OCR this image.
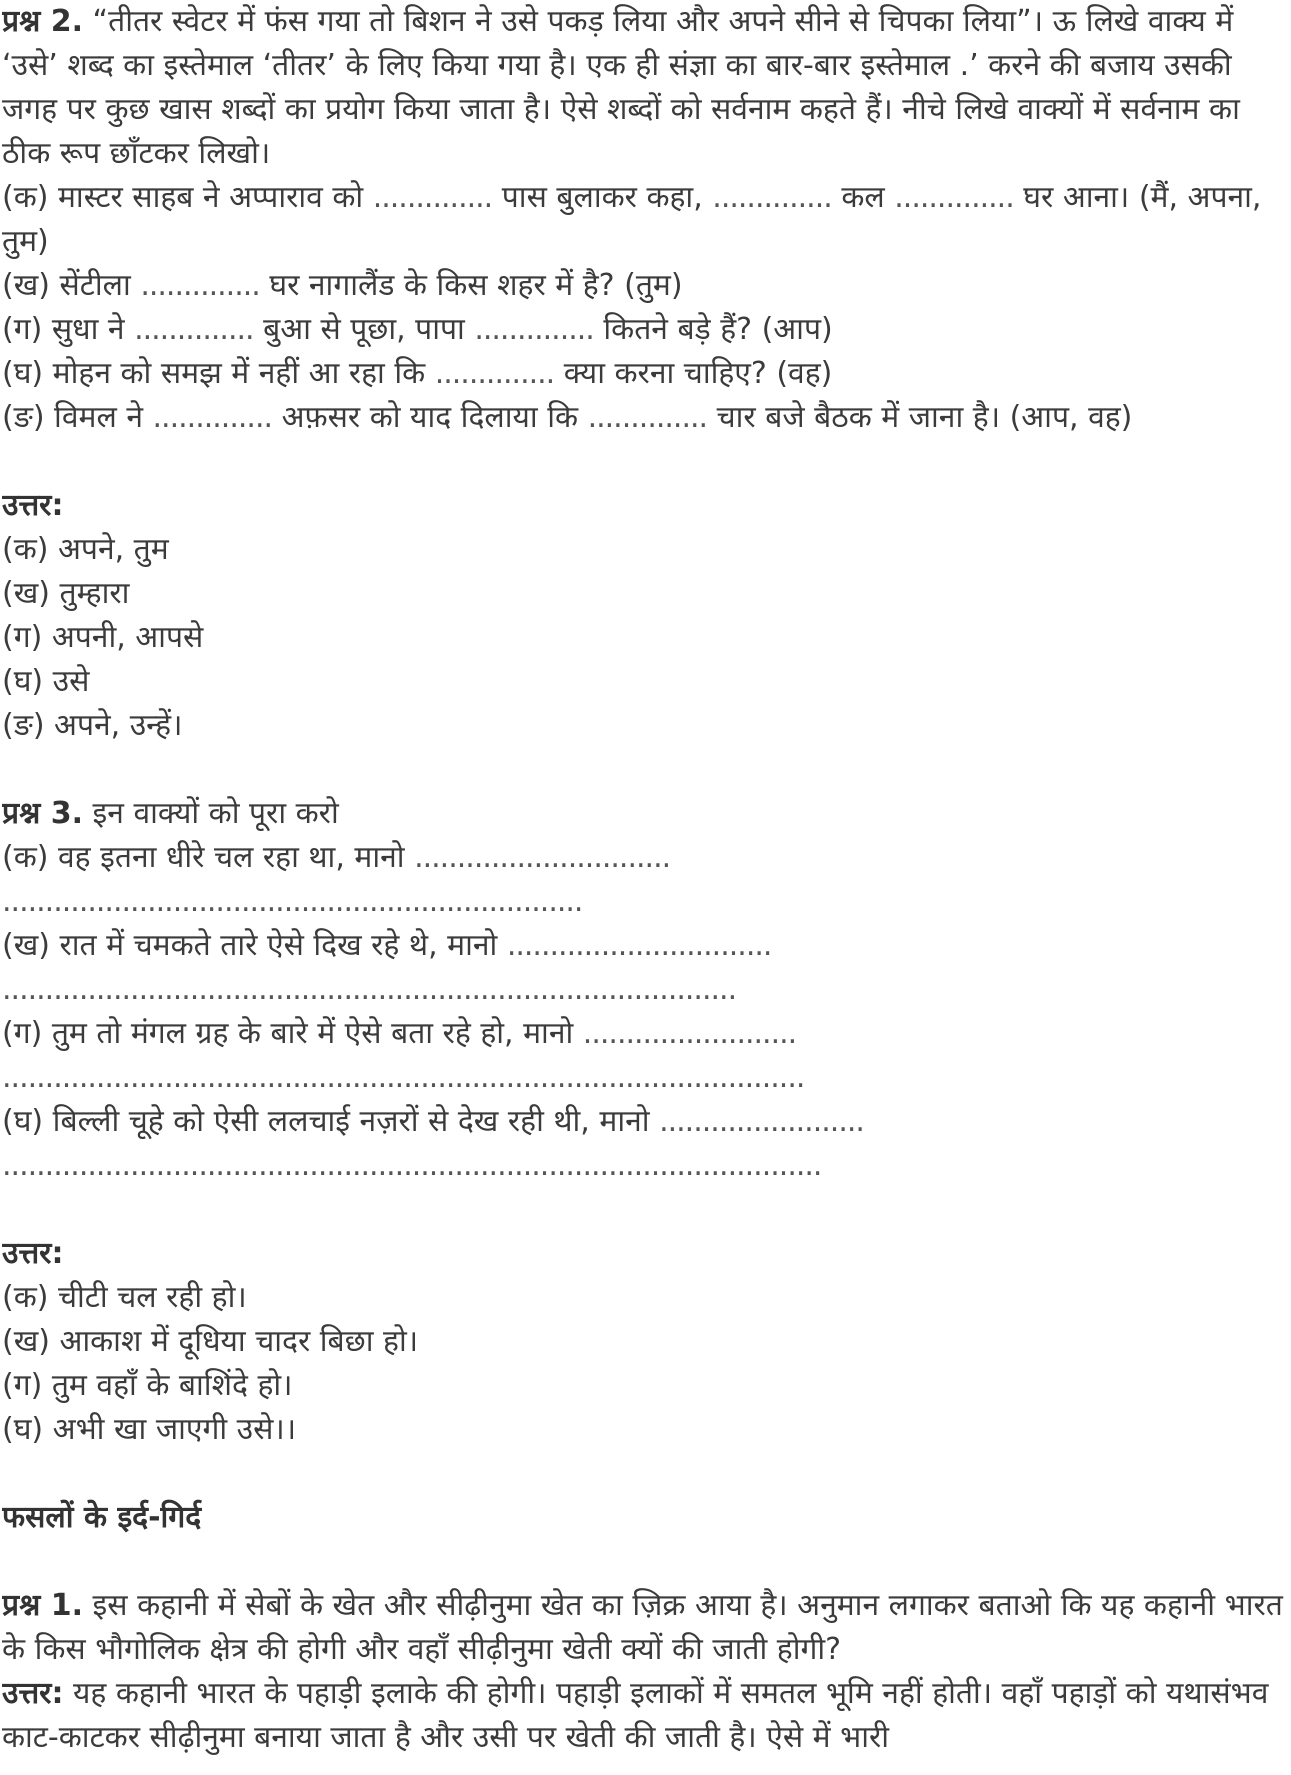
प्रश्न 2. “तीतर स्वेटर में फंस गया तो बिशन ने उसे पकड़ लिया और अपने सीने से चिपका लिया”। ऊ लिखे वाक्य में ‘उसे’ शब्द का इस्तेमाल ‘तीतर’ के लिए किया गया है। एक ही संज्ञा का बार-बार इस्तेमाल .’ करने की बजाय उसकी जगह पर कुछ खास शब्दों का प्रयोग किया जाता है। ऐसे शब्दों को सर्वनाम कहते हैं। नीचे लिखे वाक्यों में सर्वनाम का ठीक रूप छाँटकर लिखो।
(क) मास्टर साहब ने अप्पाराव को .............. पास बुलाकर कहा, .............. कल .............. घर आना। (मैं, अपना, तुम)
(ख) सेंटीला .............. घर नागालैंड के किस शहर में है? (तुम)
(ग) सुधा ने .............. बुआ से पूछा, पापा .............. कितने बड़े हैं? (आप)
(घ) मोहन को समझ में नहीं आ रहा कि .............. क्या करना चाहिए? (वह)
(ङ) विमल ने .............. अफ़सर को याद दिलाया कि .............. चार बजे बैठक में जाना है। (आप, वह)
उत्तर:
(क) अपने, तुम
(ख) तुम्हारा
(ग) अपनी, आपसे
(घ) उसे
(ङ) अपने, उन्हें।
प्रश्न 3. इन वाक्यों को पूरा करो
(क) वह इतना धीरे चल रहा था, मानो ..............................
....................................................................
(ख) रात में चमकते तारे ऐसे दिख रहे थे, मानो ...............................
......................................................................................
(ग) तुम तो मंगल ग्रह के बारे में ऐसे बता रहे हो, मानो .........................
..............................................................................................
(घ) बिल्ली चूहे को ऐसी ललचाई नज़रों से देख रही थी, मानो ........................
................................................................................................
उत्तर:
(क) चीटी चल रही हो।
(ख) आकाश में दूधिया चादर बिछा हो।
(ग) तुम वहाँ के बाशिंदे हो।
(घ) अभी खा जाएगी उसे।।
फसलों के इर्द-गिर्द
प्रश्न 1. इस कहानी में सेबों के खेत और सीढ़ीनुमा खेत का ज़िक्र आया है। अनुमान लगाकर बताओ कि यह कहानी भारत के किस भौगोलिक क्षेत्र की होगी और वहाँ सीढ़ीनुमा खेती क्यों की जाती होगी?
उत्तर: यह कहानी भारत के पहाड़ी इलाके की होगी। पहाड़ी इलाकों में समतल भूमि नहीं होती। वहाँ पहाड़ों को यथासंभव काट-काटकर सीढ़ीनुमा बनाया जाता है और उसी पर खेती की जाती है। ऐसे में भारी
